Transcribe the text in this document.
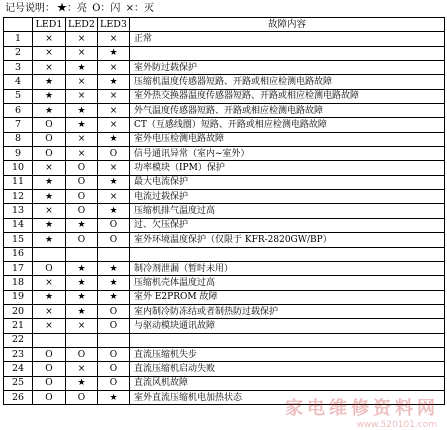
记号说明： ★：亮 O：闪 ×：灭
	LED1	LED2	LED3	故障内容
1	×	×	×	正常
2	×	×	★	
3	×	★	×	室外防过载保护
4	★	×	★	压缩机温度传感器短路、开路或相应检测电路故障
5	★	×	×	室外热交换器温度传感器短路、开路或相应检测电路故障
6	★	★	×	外气温度传感器短路、开路或相应检测电路故障
7	O	★	×	CT（互感线圈）短路、开路或相应检测电路故障
8	O	×	★	室外电压检测电路故障
9	O	×	O	信号通讯异常（室内~室外）
10	×	O	×	功率模块（IPM）保护
11	★	O	★	最大电流保护
12	★	O	×	电流过载保护
13	×	O	★	压缩机排气温度过高
14	★	★	O	过、欠压保护
15	★	O	O	室外环境温度保护（仅限于 KFR-2820GW/BP）
16				
17	O	★	★	制冷剂泄漏（暂时未用）
18	×	★	★	压缩机壳体温度过高
19	★	★	★	室外 E2PROM 故障
20	×	★	O	室内制冷防冻结或者制热防过载保护
21	×	×	O	与驱动模块通讯故障
22				
23	O	O	O	直流压缩机失步
24	O	×	O	直流压缩机启动失败
25	O	★	O	直流风机故障
26	O	O	★	室外直流压缩机电加热状态
家电维修资料网
www.520101.com
